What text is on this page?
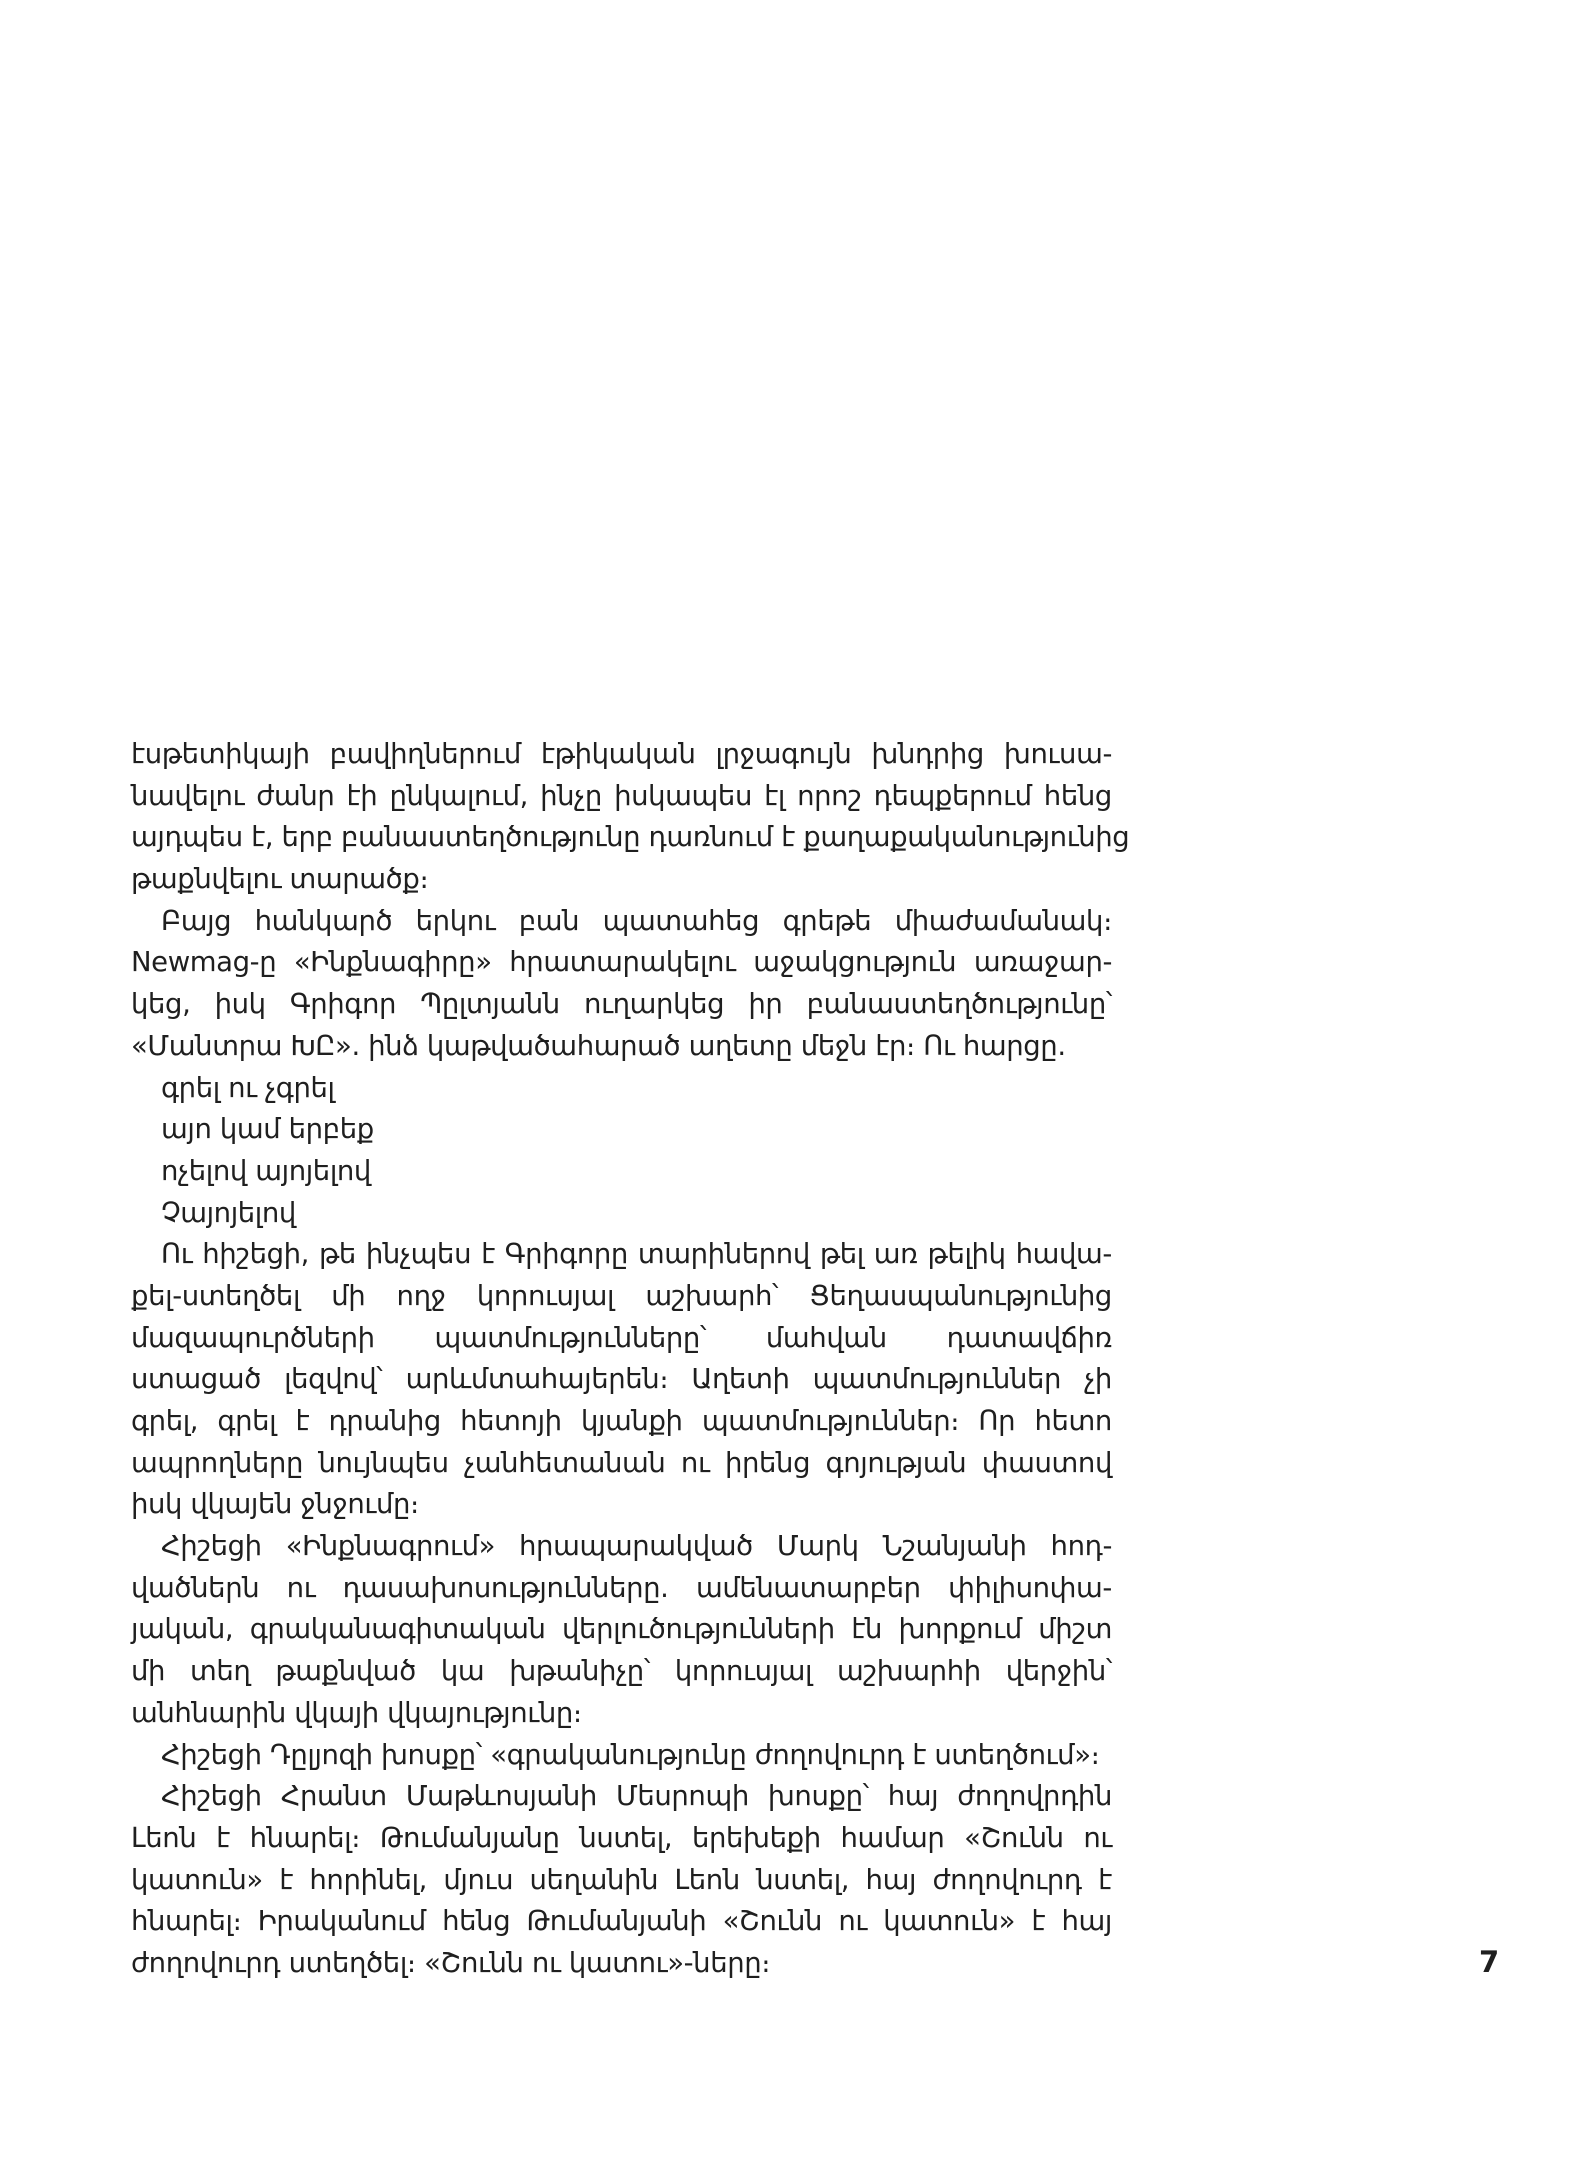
էսթետիկայի բավիղներում էթիկական լրջագույն խնդրից խուսա-
նավելու ժանր էի ընկալում, ինչը իսկապես էլ որոշ դեպքերում հենց
այդպես է, երբ բանաստեղծությունը դառնում է քաղաքականությունից
թաքնվելու տարածք։
Բայց հանկարծ երկու բան պատահեց գրեթե միաժամանակ։
Newmag-ը «Ինքնագիրը» հրատարակելու աջակցություն առաջար-
կեց, իսկ Գրիգոր Պըլտյանն ուղարկեց իր բանաստեղծությունը՝
«Մանտրա ԽԸ». ինձ կաթվածահարած աղետը մեջն էր։ Ու հարցը.
գրել ու չգրել
այո կամ երբեք
ոչելով այոյելով
Չայոյելով
Ու հիշեցի, թե ինչպես է Գրիգորը տարիներով թել առ թելիկ հավա-
քել-ստեղծել մի ողջ կորուսյալ աշխարհ՝ Ցեղասպանությունից
մազապուրծների պատմությունները՝ մահվան դատավճիռ
ստացած լեզվով՝ արևմտահայերեն։ Աղետի պատմություններ չի
գրել, գրել է դրանից հետոյի կյանքի պատմություններ։ Որ հետո
ապրողները նույնպես չանհետանան ու իրենց գոյության փաստով
իսկ վկայեն ջնջումը։
Հիշեցի «Ինքնագրում» հրապարակված Մարկ Նշանյանի հոդ-
վածներն ու դասախոսությունները. ամենատարբեր փիլիսոփա-
յական, գրականագիտական վերլուծությունների էն խորքում միշտ
մի տեղ թաքնված կա խթանիչը՝ կորուսյալ աշխարհի վերջին՝
անհնարին վկայի վկայությունը։
Հիշեցի Դըլյոզի խոսքը՝ «գրականությունը ժողովուրդ է ստեղծում»։
Հիշեցի Հրանտ Մաթևոսյանի Մեսրոպի խոսքը՝ հայ ժողովրդին
Լեոն է հնարել։ Թումանյանը նստել, երեխեքի համար «Շունն ու
կատուն» է հորինել, մյուս սեղանին Լեոն նստել, հայ ժողովուրդ է
հնարել։ Իրականում հենց Թումանյանի «Շունն ու կատուն» է հայ
ժողովուրդ ստեղծել։ «Շունն ու կատու»-ները։	7
